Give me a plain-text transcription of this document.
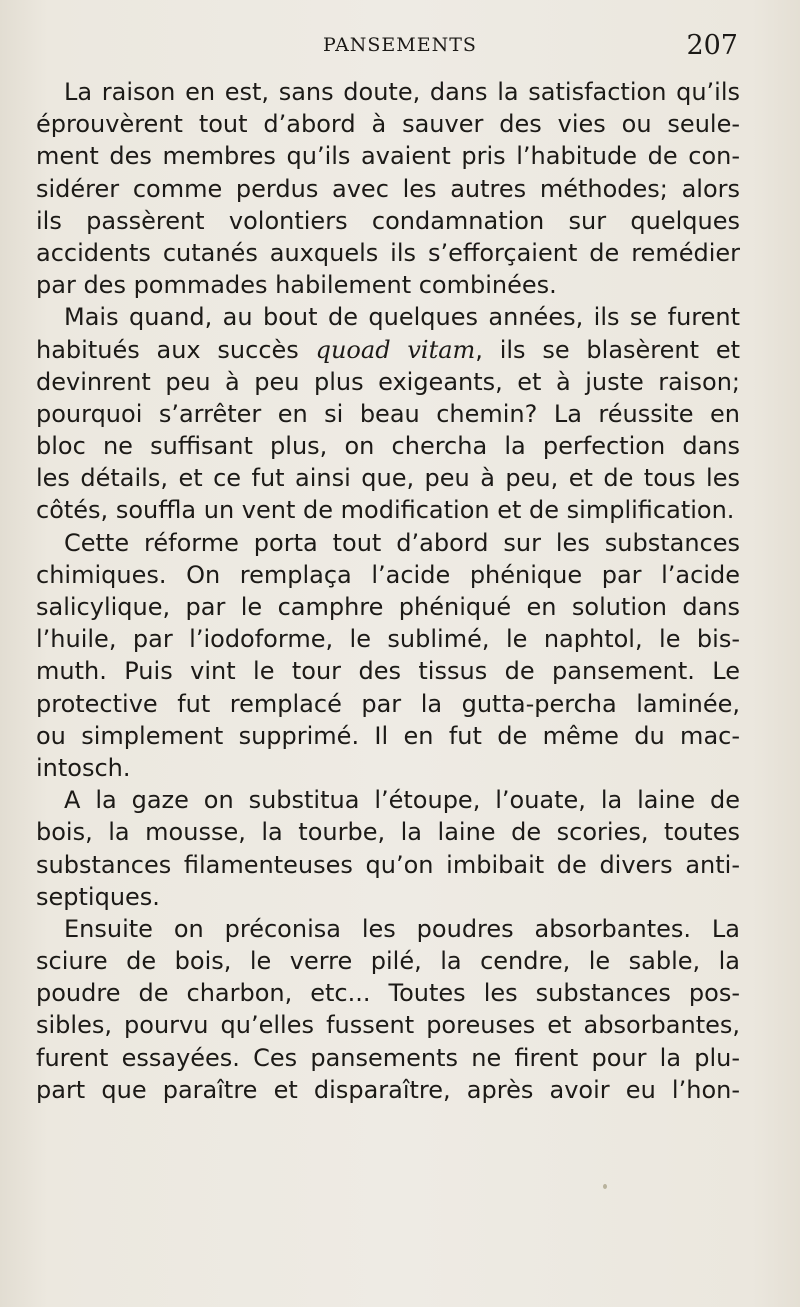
PANSEMENTS	207
La raison en est, sans doute, dans la satisfaction qu’ils
éprouvèrent tout d’abord à sauver des vies ou seule-
ment des membres qu’ils avaient pris l’habitude de con-
sidérer comme perdus avec les autres méthodes; alors
ils passèrent volontiers condamnation sur quelques
accidents cutanés auxquels ils s’efforçaient de remédier
par des pommades habilement combinées.
Mais quand, au bout de quelques années, ils se furent
habitués aux succès quoad vitam, ils se blasèrent et
devinrent peu à peu plus exigeants, et à juste raison;
pourquoi s’arrêter en si beau chemin? La réussite en
bloc ne suffisant plus, on chercha la perfection dans
les détails, et ce fut ainsi que, peu à peu, et de tous les
côtés, souffla un vent de modification et de simplification.
Cette réforme porta tout d’abord sur les substances
chimiques. On remplaça l’acide phénique par l’acide
salicylique, par le camphre phéniqué en solution dans
l’huile, par l’iodoforme, le sublimé, le naphtol, le bis-
muth. Puis vint le tour des tissus de pansement. Le
protective fut remplacé par la gutta-percha laminée,
ou simplement supprimé. Il en fut de même du mac-
intosch.
A la gaze on substitua l’étoupe, l’ouate, la laine de
bois, la mousse, la tourbe, la laine de scories, toutes
substances filamenteuses qu’on imbibait de divers anti-
septiques.
Ensuite on préconisa les poudres absorbantes. La
sciure de bois, le verre pilé, la cendre, le sable, la
poudre de charbon, etc... Toutes les substances pos-
sibles, pourvu qu’elles fussent poreuses et absorbantes,
furent essayées. Ces pansements ne firent pour la plu-
part que paraître et disparaître, après avoir eu l’hon-
